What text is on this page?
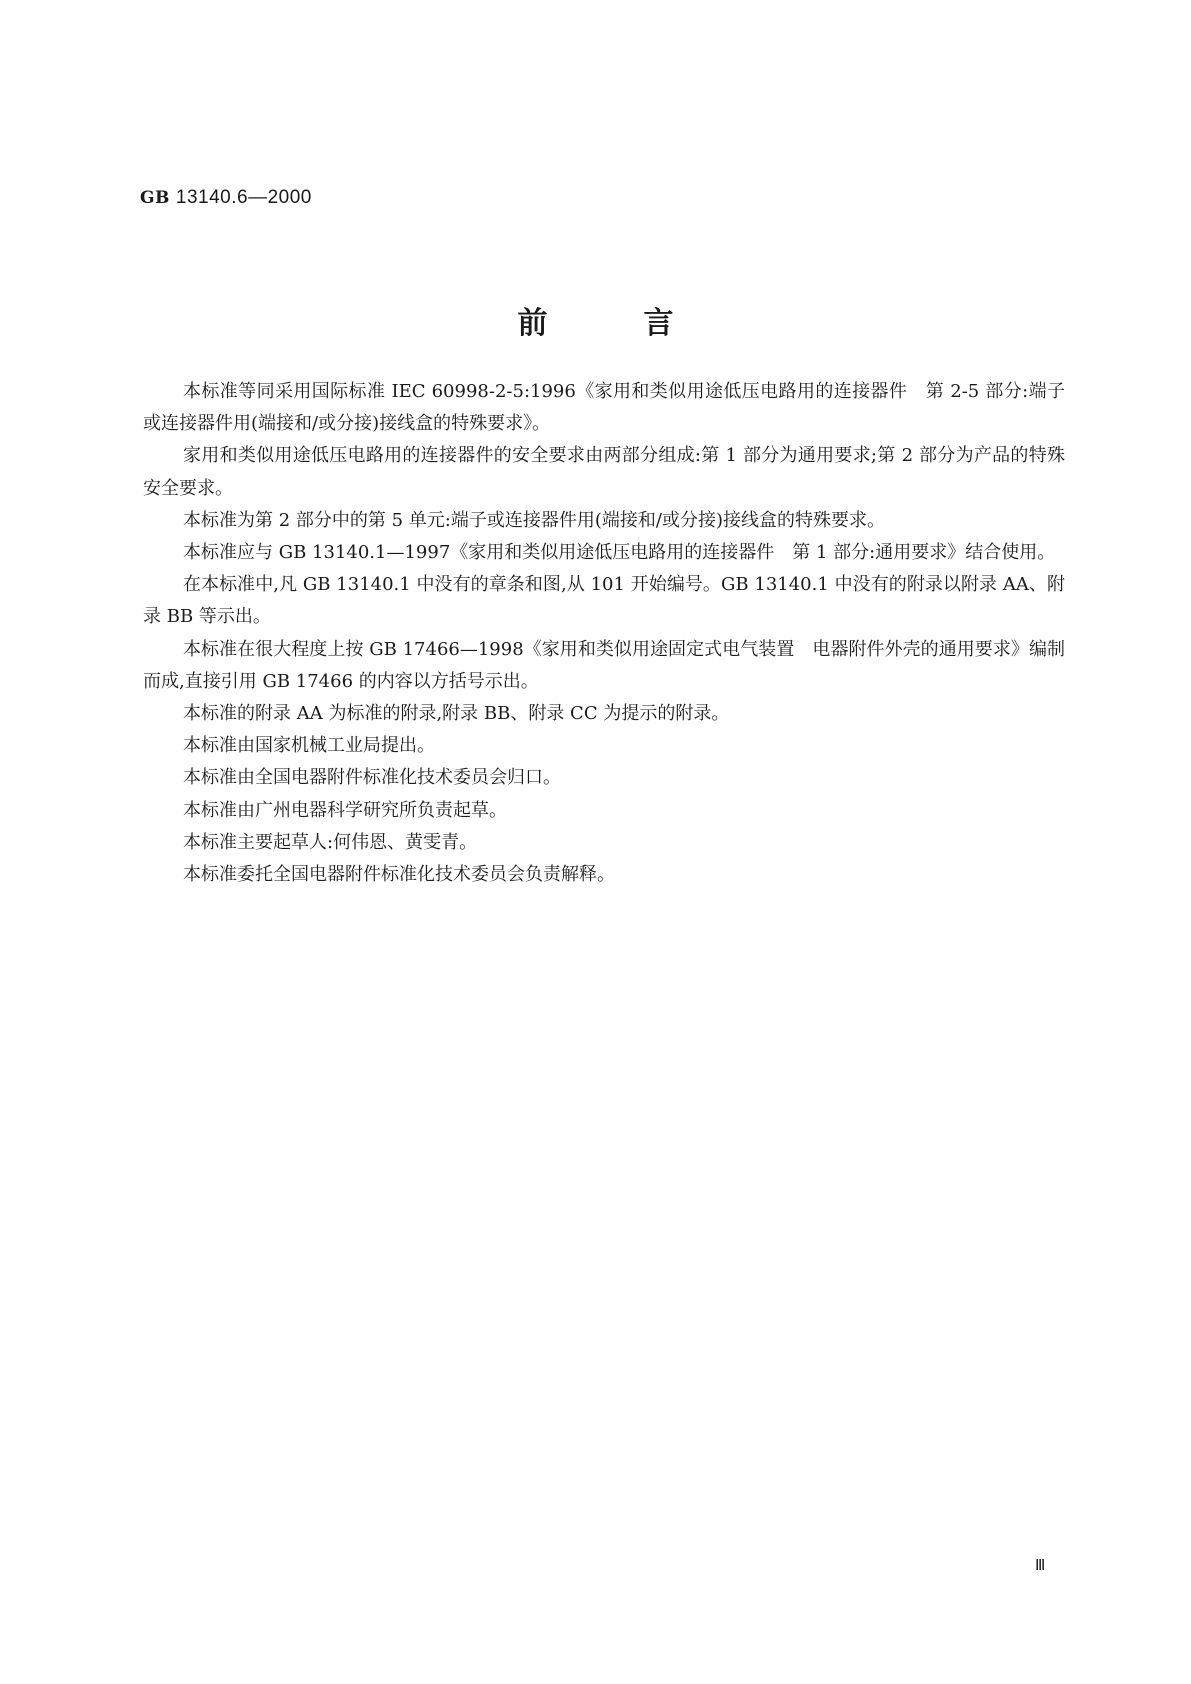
GB 13140.6—2000
前言

本标准等同采用国际标准 IEC 60998-2-5:1996《家用和类似用途低压电路用的连接器件　第 2-5 部分:端子或连接器件用(端接和/或分接)接线盒的特殊要求》。

家用和类似用途低压电路用的连接器件的安全要求由两部分组成:第 1 部分为通用要求;第 2 部分为产品的特殊安全要求。

本标准为第 2 部分中的第 5 单元:端子或连接器件用(端接和/或分接)接线盒的特殊要求。

本标准应与 GB 13140.1—1997《家用和类似用途低压电路用的连接器件　第 1 部分:通用要求》结合使用。

在本标准中,凡 GB 13140.1 中没有的章条和图,从 101 开始编号。GB 13140.1 中没有的附录以附录 AA、附录 BB 等示出。

本标准在很大程度上按 GB 17466—1998《家用和类似用途固定式电气装置　电器附件外壳的通用要求》编制而成,直接引用 GB 17466 的内容以方括号示出。

本标准的附录 AA 为标准的附录,附录 BB、附录 CC 为提示的附录。

本标准由国家机械工业局提出。

本标准由全国电器附件标准化技术委员会归口。

本标准由广州电器科学研究所负责起草。

本标准主要起草人:何伟恩、黄雯青。

本标准委托全国电器附件标准化技术委员会负责解释。

Ⅲ
